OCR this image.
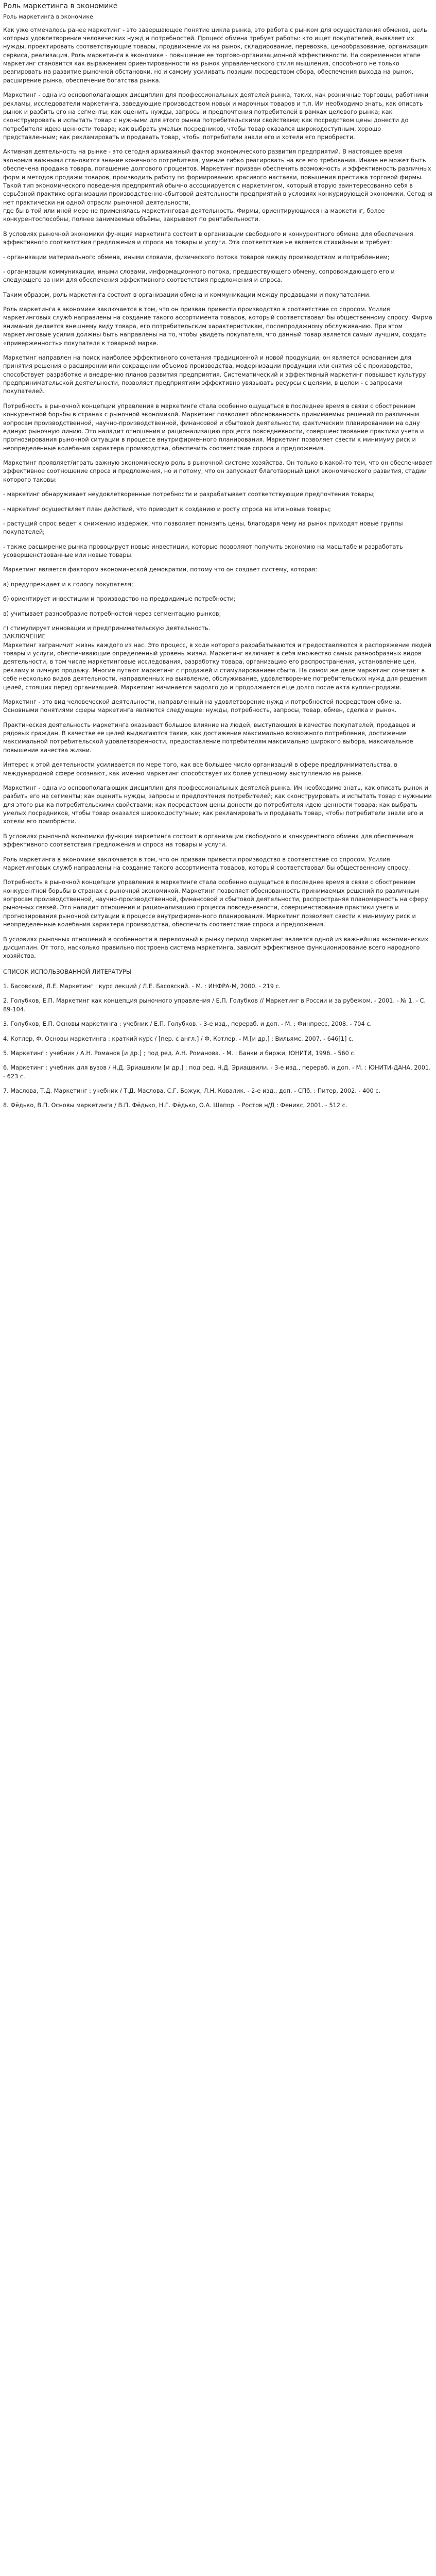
Роль маркетинга в экономике
Роль маркетинга в экономике

Как уже отмечалось ранее маркетинг - это завершающее понятие цикла рынка, это работа с рынком для осуществления обменов, цель которых удовлетворение человеческих нужд и потребностей. Процесс обмена требует работы: кто ищет покупателей, выявляет их нужды, проектировать соответствующие товары, продвижение их на рынок, складирование, перевозка, ценообразование, организация сервиса, реализация. Роль маркетинга в экономике - повышение ее торгово-организационной эффективности. На современном этапе маркетинг становится как выражением ориентированности на рынок управленческого стиля мышления, способного не только реагировать на развитие рыночной обстановки, но и самому усиливать позиции посредством сбора, обеспечения выхода на рынок, расширение рынка, обеспечение богатства рынка.

Маркетинг - одна из основополагающих дисциплин для профессиональных деятелей рынка, таких, как розничные торговцы, работники рекламы, исследователи маркетинга, заведующие производством новых и марочных товаров и т.п. Им необходимо знать, как описать рынок и разбить его на сегменты; как оценить нужды, запросы и предпочтения потребителей в рамках целевого рынка; как сконструировать и испытать товар с нужными для этого рынка потребительскими свойствами; как посредством цены донести до потребителя идею ценности товара; как выбрать умелых посредников, чтобы товар оказался широкодоступным, хорошо представленным; как рекламировать и продавать товар, чтобы потребители знали его и хотели его приобрести.

Активная деятельность на рынке - это сегодня архиважный фактор экономического развития предприятий. В настоящее время экономия важными становится знание конечного потребителя, умение гибко реагировать на все его требования. Иначе не может быть обеспечена продажа товара, погашение долгового процентов. Маркетинг призван обеспечить возможность и эффективность различных форм и методов продажи товаров, производить работу по формированию красивого наставки, повышения престижа торговой фирмы. Такой тип экономического поведения предприятий обычно ассоциируется с маркетингом, который вторую заинтересованно себя в серьёзной практике организации производственно-сбытовой деятельности предприятий в условиях конкурирующей экономики. Сегодня нет практически ни одной отрасли рыночной деятельности,
где бы в той или иной мере не применялась маркетинговая деятельность. Фирмы, ориентирующиеся на маркетинг, более конкурентоспособны, полнее занимаемые объёмы, закрывают по рентабельности.

В условиях рыночной экономики функция маркетинга состоит в организации свободного и конкурентного обмена для обеспечения эффективного соответствия предложения и спроса на товары и услуги. Эта соответствие не является стихийным и требует:

- организации материального обмена, иными словами, физического потока товаров между производством и потреблением;

- организации коммуникации, иными словами, информационного потока, предшествующего обмену, сопровождающего его и следующего за ним для обеспечения эффективного соответствия предложения и спроса.

Таким образом, роль маркетинга состоит в организации обмена и коммуникации между продавцами и покупателями.

Роль маркетинга в экономике заключается в том, что он призван привести производство в соответствие со спросом. Усилия маркетинговых служб направлены на создание такого ассортимента товаров, который соответствовал бы общественному спросу. Фирма внимания делается внешнему виду товара, его потребительским характеристикам, послепродажному обслуживанию. При этом маркетинговые усилия должны быть направлены на то, чтобы увидеть покупателя, что данный товар является самым лучшим, создать «приверженность» покупателя к товарной марке.

Маркетинг направлен на поиск наиболее эффективного сочетания традиционной и новой продукции, он является основанием для принятия решения о расширении или сокращении объемов производства, модернизации продукции или снятия её с производства, способствует разработке и внедрению планов развития предприятия. Систематический и эффективный маркетинг повышает культуру предпринимательской деятельности, позволяет предприятиям эффективно увязывать ресурсы с целями, в целом - с запросами покупателей.

Потребность в рыночной концепции управления в маркетинге стала особенно ощущаться в последнее время в связи с обострением конкурентной борьбы в странах с рыночной экономикой. Маркетинг позволяет обоснованность принимаемых решений по различным вопросам производственной, научно-производственной, финансовой и сбытовой деятельности, фактическим планированием на одну единую рыночную линию. Это наладит отношения и рационализацию процесса повседневности, совершенствование практики учета и прогнозирования рыночной ситуации в процессе внутрифирменного планирования. Маркетинг позволяет свести к минимуму риск и неопределённые колебания характера производства, обеспечить соответствие спроса и предложения.

Маркетинг проявляет/играть важную экономическую роль в рыночной системе хозяйства. Он только в какой-то тем, что он обеспечивает эффективное соотношение спроса и предложения, но и потому, что он запускает благотворный цикл экономического развития, стадии которого таковы:

- маркетинг обнаруживает неудовлетворенные потребности и разрабатывает соответствующие предпочтения товары;

- маркетинг осуществляет план действий, что приводит к созданию и росту спроса на эти новые товары;

- растущий спрос ведет к снижению издержек, что позволяет понизить цены, благодаря чему на рынок приходят новые группы покупателей;

- также расширение рынка провоцирует новые инвестиции, которые позволяют получить экономию на масштабе и разработать усовершенствованные или новые товары.

Маркетинг является фактором экономической демократии, потому что он создает систему, которая:

а) предупреждает и к голосу покупателя;

б) ориентирует инвестиции и производство на предвидимые потребности;

в) учитывает разнообразие потребностей через сегментацию рынков;

г) стимулирует инновации и предпринимательскую деятельность.
ЗАКЛЮЧЕНИЕ
Маркетинг заграничит жизнь каждого из нас. Это процесс, в ходе которого разрабатываются и предоставляются в распоряжение людей товары и услуги, обеспечивающие определенный уровень жизни. Маркетинг включает в себя множество самых разнообразных видов деятельности, в том числе маркетинговые исследования, разработку товара, организацию его распространения, установление цен, рекламу и личную продажу. Многие путают маркетинг с продажей и стимулированием сбыта. На самом же деле маркетинг сочетает в себе несколько видов деятельности, направленных на выявление, обслуживание, удовлетворение потребительских нужд для решения целей, стоящих перед организацией. Маркетинг начинается задолго до и продолжается еще долго после акта купли-продажи.

Маркетинг - это вид человеческой деятельности, направленный на удовлетворение нужд и потребностей посредством обмена. Основными понятиями сферы маркетинга являются следующие: нужды, потребность, запросы, товар, обмен, сделка и рынок.

Практическая деятельность маркетинга оказывает большое влияние на людей, выступающих в качестве покупателей, продавцов и рядовых граждан. В качестве ее целей выдвигаются такие, как достижение максимально возможного потребления, достижение максимальной потребительской удовлетворенности, предоставление потребителям максимально широкого выбора, максимальное повышение качества жизни.

Интерес к этой деятельности усиливается по мере того, как все большее число организаций в сфере предпринимательства, в международной сфере осознают, как именно маркетинг способствует их более успешному выступлению на рынке.

Маркетинг - одна из основополагающих дисциплин для профессиональных деятелей рынка. Им необходимо знать, как описать рынок и разбить его на сегменты; как оценить нужды, запросы и предпочтения потребителей; как сконструировать и испытать товар с нужными для этого рынка потребительскими свойствами; как посредством цены донести до потребителя идею ценности товара; как выбрать умелых посредников, чтобы товар оказался широкодоступным; как рекламировать и продавать товар, чтобы потребители знали его и хотели его приобрести.

В условиях рыночной экономики функция маркетинга состоит в организации свободного и конкурентного обмена для обеспечения эффективного соответствия предложения и спроса на товары и услуги.

Роль маркетинга в экономике заключается в том, что он призван привести производство в соответствие со спросом. Усилия маркетинговых служб направлены на создание такого ассортимента товаров, который соответствовал бы общественному спросу.

Потребность в рыночной концепции управления в маркетинге стала особенно ощущаться в последнее время в связи с обострением конкурентной борьбы в странах с рыночной экономикой. Маркетинг позволяет обоснованность принимаемых решений по различным вопросам производственной, научно-производственной, финансовой и сбытовой деятельности, распространяя планомерность на сферу рыночных связей. Это наладит отношения и рационализацию процесса повседневности, совершенствование практики учета и прогнозирования рыночной ситуации в процессе внутрифирменного планирования. Маркетинг позволяет свести к минимуму риск и неопределённые колебания характера производства, обеспечить соответствие спроса и предложения.

В условиях рыночных отношений в особенности в переломный к рынку период маркетинг является одной из важнейших экономических дисциплин. От того, насколько правильно построена система маркетинга, зависит эффективное функционирование всего народного хозяйства.

СПИСОК ИСПОЛЬЗОВАННОЙ ЛИТЕРАТУРЫ

1. Басовский, Л.Е. Маркетинг : курс лекций / Л.Е. Басовский. - М. : ИНФРА-М, 2000. - 219 с.
2. Голубков, Е.П. Маркетинг как концепция рыночного управления / Е.П. Голубков // Маркетинг в России и за рубежом. - 2001. - № 1. - С. 89-104.
3. Голубков, Е.П. Основы маркетинга : учебник / Е.П. Голубков. - 3-е изд., перераб. и доп. - М. : Финпресс, 2008. - 704 с.
4. Котлер, Ф. Основы маркетинга : краткий курс / [пер. с англ.] / Ф. Котлер. - М.[и др.] : Вильямс, 2007. - 646[1] с.
5. Маркетинг : учебник / А.Н. Романов [и др.] ; под ред. А.Н. Романова. - М. : Банки и биржи, ЮНИТИ, 1996. - 560 с.
6. Маркетинг : учебник для вузов / Н.Д. Эриашвили [и др.] ; под ред. Н.Д. Эриашвили. - 3-е изд., перераб. и доп. - М. : ЮНИТИ-ДАНА, 2001. - 623 с.
7. Маслова, Т.Д. Маркетинг : учебник / Т.Д. Маслова, С.Г. Божук, Л.Н. Ковалик. - 2-е изд., доп. - СПб. : Питер, 2002. - 400 с.
8. Фёдько, В.П. Основы маркетинга / В.П. Фёдько, Н.Г. Фёдько, О.А. Шапор. - Ростов н/Д : Феникс, 2001. - 512 с.
